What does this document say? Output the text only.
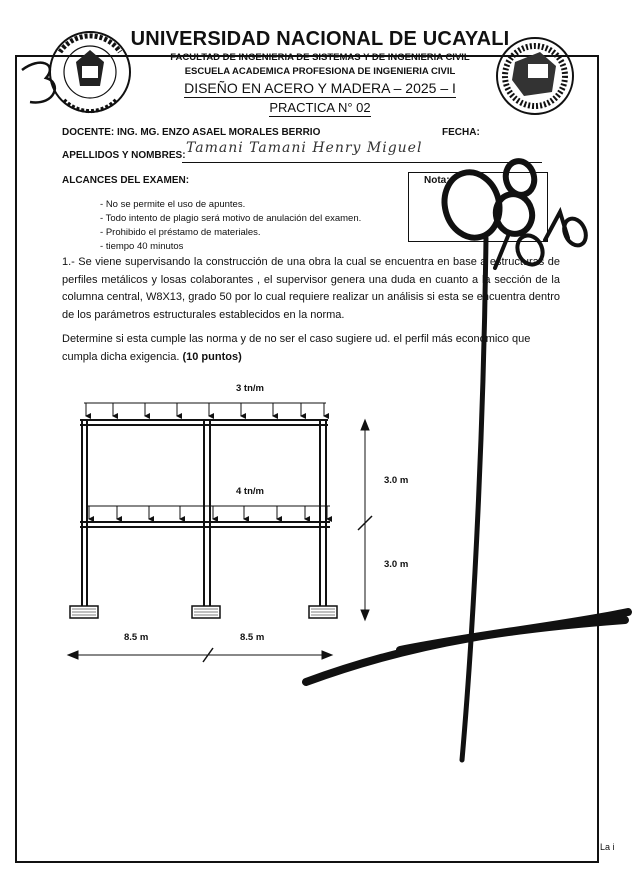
UNIVERSIDAD NACIONAL DE UCAYALI
FACULTAD DE INGENIERIA DE SISTEMAS Y DE INGENIERIA CIVIL
ESCUELA ACADEMICA PROFESIONA DE INGENIERIA CIVIL
DISEÑO EN ACERO Y MADERA – 2025 – I
PRACTICA N° 02
DOCENTE: ING. MG. ENZO ASAEL MORALES BERRIO	FECHA:
APELLIDOS Y NOMBRES: Tamani Tamani Henry Miguel
ALCANCES DEL EXAMEN:	Nota:
- No se permite el uso de apuntes.
- Todo intento de plagio será motivo de anulación del examen.
- Prohibido el préstamo de materiales.
- tiempo 40 minutos
1.- Se viene supervisando la construcción de una obra la cual se encuentra en base a estructuras de perfiles metálicos y losas colaborantes , el supervisor genera una duda en cuanto a la sección de la columna central, W8X13, grado 50 por lo cual requiere realizar un análisis si esta se encuentra dentro de los parámetros estructurales establecidos en la norma.
Determine si esta cumple las norma y de no ser el caso sugiere ud. el perfil más económico que cumpla dicha exigencia. (10 puntos)
3 tn/m
4 tn/m
3.0 m
3.0 m
8.5 m	8.5 m
La i
